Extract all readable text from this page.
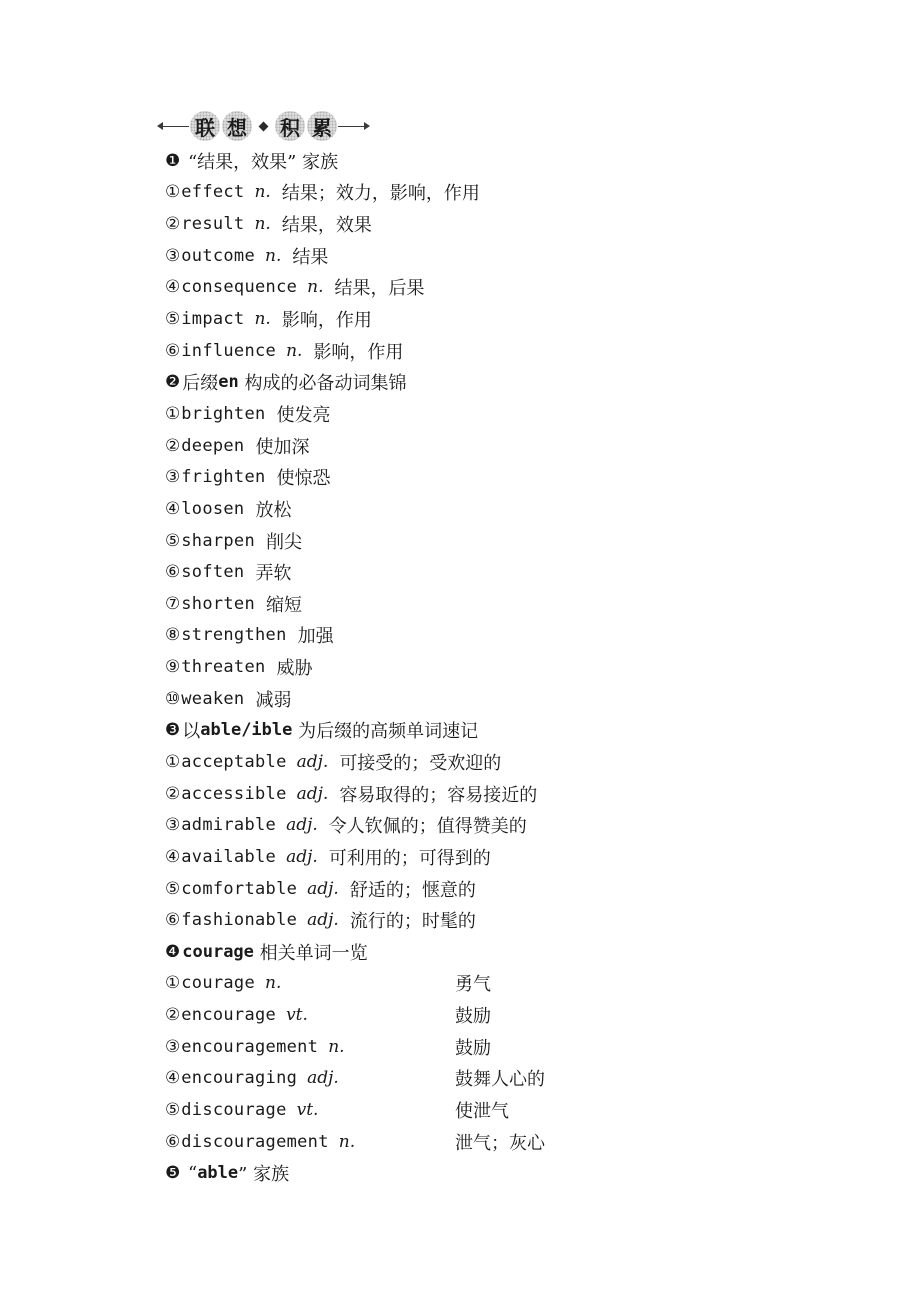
联 想 积 累
❶ “结果，效果” 家族
① effect n. 结果；效力，影响，作用
② result n. 结果，效果
③ outcome n. 结果
④ consequence n. 结果，后果
⑤ impact n. 影响，作用
⑥ influence n. 影响，作用
❷ 后缀 en 构成的必备动词集锦
① brighten 使发亮
② deepen 使加深
③ frighten 使惊恐
④ loosen 放松
⑤ sharpen 削尖
⑥ soften 弄软
⑦ shorten 缩短
⑧ strengthen 加强
⑨ threaten 威胁
⑩ weaken 减弱
❸ 以 able/ible 为后缀的高频单词速记
① acceptable adj. 可接受的；受欢迎的
② accessible adj. 容易取得的；容易接近的
③ admirable adj. 令人钦佩的；值得赞美的
④ available adj. 可利用的；可得到的
⑤ comfortable adj. 舒适的；惬意的
⑥ fashionable adj. 流行的；时髦的
❹ courage 相关单词一览
① courage n.	勇气
② encourage vt.	鼓励
③ encouragement n.	鼓励
④ encouraging adj.	鼓舞人心的
⑤ discourage vt.	使泄气
⑥ discouragement n.	泄气；灰心
❺ “ able ” 家族
